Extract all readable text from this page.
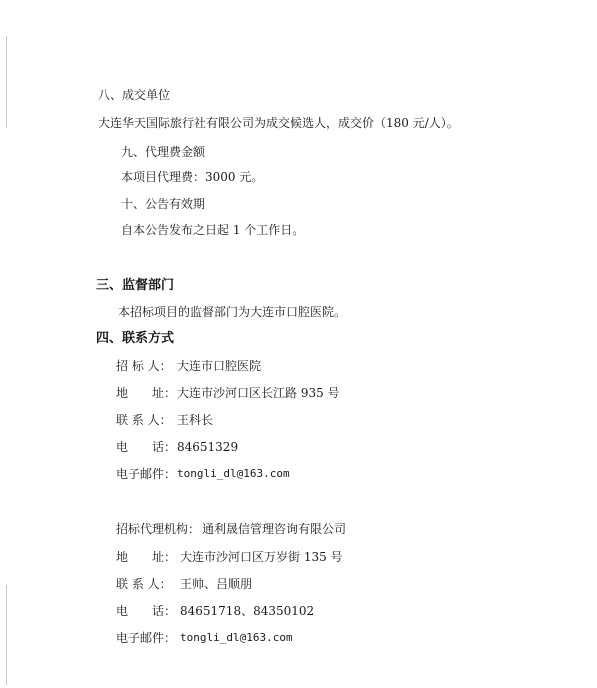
八、成交单位
大连华天国际旅行社有限公司为成交候选人，成交价（180 元/人）。
九、代理费金额
本项目代理费：3000 元。
十、公告有效期
自本公告发布之日起 1 个工作日。
三、监督部门
本招标项目的监督部门为大连市口腔医院。
四、联系方式
招 标 人： 大连市口腔医院
地　　址： 大连市沙河口区长江路 935 号
联 系 人： 王科长
电　　话： 84651329
电子邮件： tongli_dl@163.com
招标代理机构： 通利晟信管理咨询有限公司
地　　址： 大连市沙河口区万岁街 135 号
联 系 人： 王帅、吕顺朋
电　　话： 84651718、84350102
电子邮件： tongli_dl@163.com
